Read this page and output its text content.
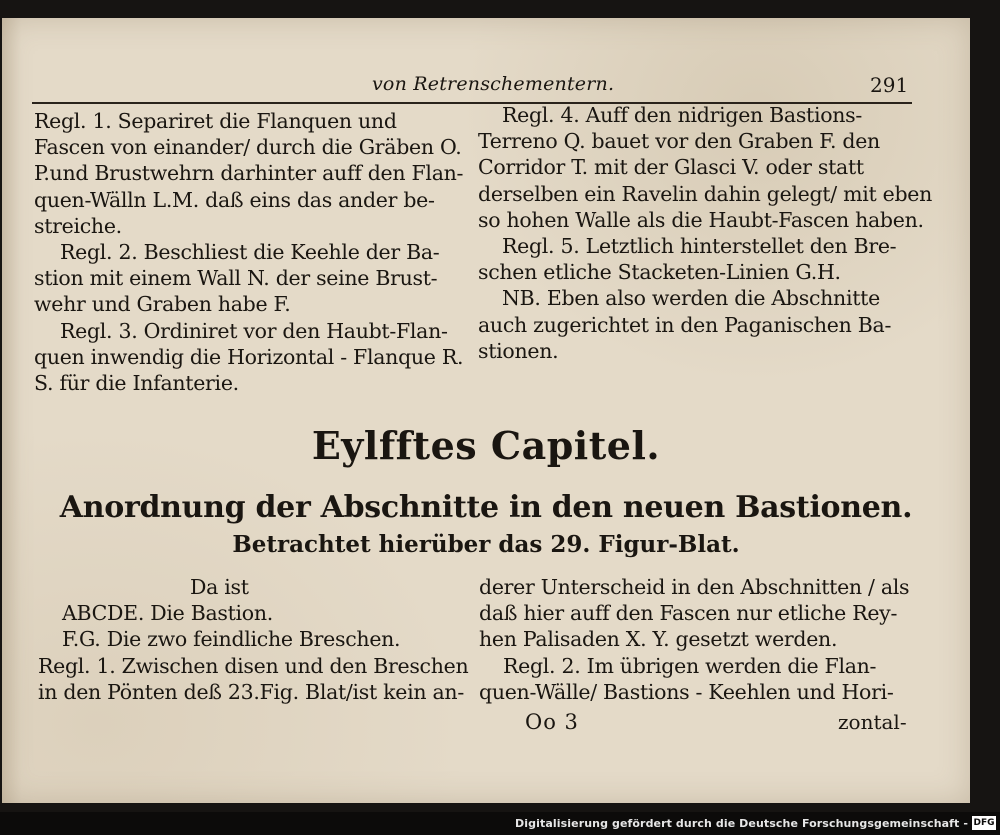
von Retrenschementern.	291
Regl. 1. Separiret die Flanquen und
Fascen von einander/ durch die Gräben O.
P.und Brustwehrn darhinter auff den Flan-
quen-Wälln L.M. daß eins das ander be-
streiche.
Regl. 2. Beschliest die Keehle der Ba-
stion mit einem Wall N. der seine Brust-
wehr und Graben habe F.
Regl. 3. Ordiniret vor den Haubt-Flan-
quen inwendig die Horizontal - Flanque R.
S. für die Infanterie.
Regl. 4. Auff den nidrigen Bastions-
Terreno Q. bauet vor den Graben F. den
Corridor T. mit der Glasci V. oder statt
derselben ein Ravelin dahin gelegt/ mit eben
so hohen Walle als die Haubt-Fascen haben.
Regl. 5. Letztlich hinterstellet den Bre-
schen etliche Stacketen-Linien G.H.
NB. Eben also werden die Abschnitte
auch zugerichtet in den Paganischen Ba-
stionen.
Eylfftes Capitel.
Anordnung der Abschnitte in den neuen Bastionen.
Betrachtet hierüber das 29. Figur-Blat.
Da ist
ABCDE. Die Bastion.
F.G. Die zwo feindliche Breschen.
Regl. 1. Zwischen disen und den Breschen
in den Pönten deß 23.Fig. Blat/ist kein an-
derer Unterscheid in den Abschnitten / als
daß hier auff den Fascen nur etliche Rey-
hen Palisaden X. Y. gesetzt werden.
Regl. 2. Im übrigen werden die Flan-
quen-Wälle/ Bastions - Keehlen und Hori-
Oo 3	zontal-
Digitalisierung gefördert durch die Deutsche Forschungsgemeinschaft - DFG
